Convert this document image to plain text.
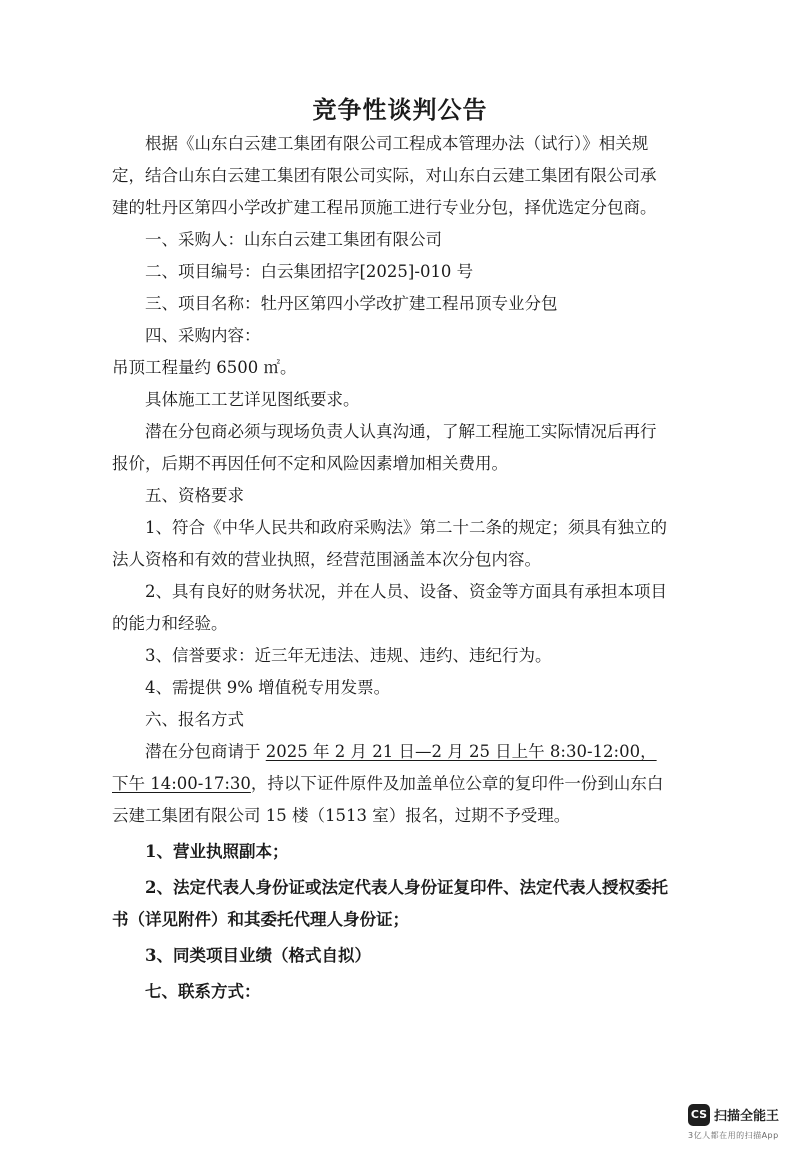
竞争性谈判公告

根据《山东白云建工集团有限公司工程成本管理办法（试行）》相关规定，结合山东白云建工集团有限公司实际，对山东白云建工集团有限公司承建的牡丹区第四小学改扩建工程吊顶施工进行专业分包，择优选定分包商。

一、采购人：山东白云建工集团有限公司

二、项目编号：白云集团招字[2025]-010 号

三、项目名称：牡丹区第四小学改扩建工程吊顶专业分包

四、采购内容：

吊顶工程量约 6500 ㎡。

具体施工工艺详见图纸要求。

潜在分包商必须与现场负责人认真沟通，了解工程施工实际情况后再行报价，后期不再因任何不定和风险因素增加相关费用。

五、资格要求

1、符合《中华人民共和政府采购法》第二十二条的规定；须具有独立的法人资格和有效的营业执照，经营范围涵盖本次分包内容。

2、具有良好的财务状况，并在人员、设备、资金等方面具有承担本项目的能力和经验。

3、信誉要求：近三年无违法、违规、违约、违纪行为。

4、需提供 9% 增值税专用发票。

六、报名方式

潜在分包商请于 2025 年 2 月 21 日—2 月 25 日上午 8:30-12:00， 下午 14:00-17:30，持以下证件原件及加盖单位公章的复印件一份到山东白云建工集团有限公司 15 楼（1513 室）报名，过期不予受理。

1、营业执照副本；

2、法定代表人身份证或法定代表人身份证复印件、法定代表人授权委托书（详见附件）和其委托代理人身份证；

3、同类项目业绩（格式自拟）

七、联系方式：

CS 扫描全能王
3亿人都在用的扫描App
